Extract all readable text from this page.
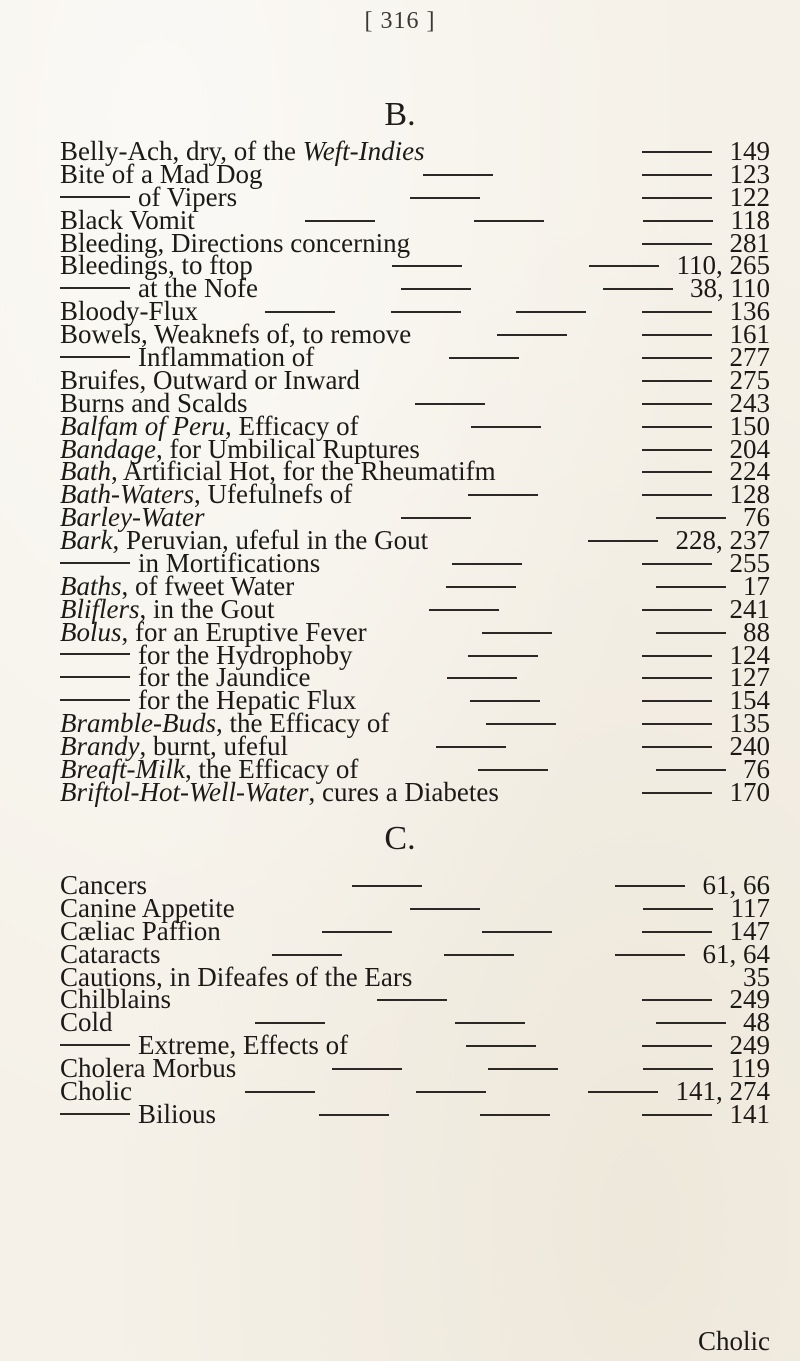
[ 316 ]
B.
Belly-Ach, dry, of the Weft-Indies	149
Bite of a Mad Dog	123
of Vipers	122
Black Vomit	118
Bleeding, Directions concerning	281
Bleedings, to ftop	110, 265
at the Nofe	38, 110
Bloody-Flux	136
Bowels, Weaknefs of, to remove	161
Inflammation of	277
Bruifes, Outward or Inward	275
Burns and Scalds	243
Balfam of Peru, Efficacy of	150
Bandage, for Umbilical Ruptures	204
Bath, Artificial Hot, for the Rheumatifm	224
Bath-Waters, Ufefulnefs of	128
Barley-Water	76
Bark, Peruvian, ufeful in the Gout	228, 237
in Mortifications	255
Baths, of fweet Water	17
Bliflers, in the Gout	241
Bolus, for an Eruptive Fever	88
for the Hydrophoby	124
for the Jaundice	127
for the Hepatic Flux	154
Bramble-Buds, the Efficacy of	135
Brandy, burnt, ufeful	240
Breaft-Milk, the Efficacy of	76
Briftol-Hot-Well-Water, cures a Diabetes	170
C.
Cancers	61, 66
Canine Appetite	117
Cæliac Paffion	147
Cataracts	61, 64
Cautions, in Difeafes of the Ears	35
Chilblains	249
Cold	48
Extreme, Effects of	249
Cholera Morbus	119
Cholic	141, 274
Bilious	141
Cholic
